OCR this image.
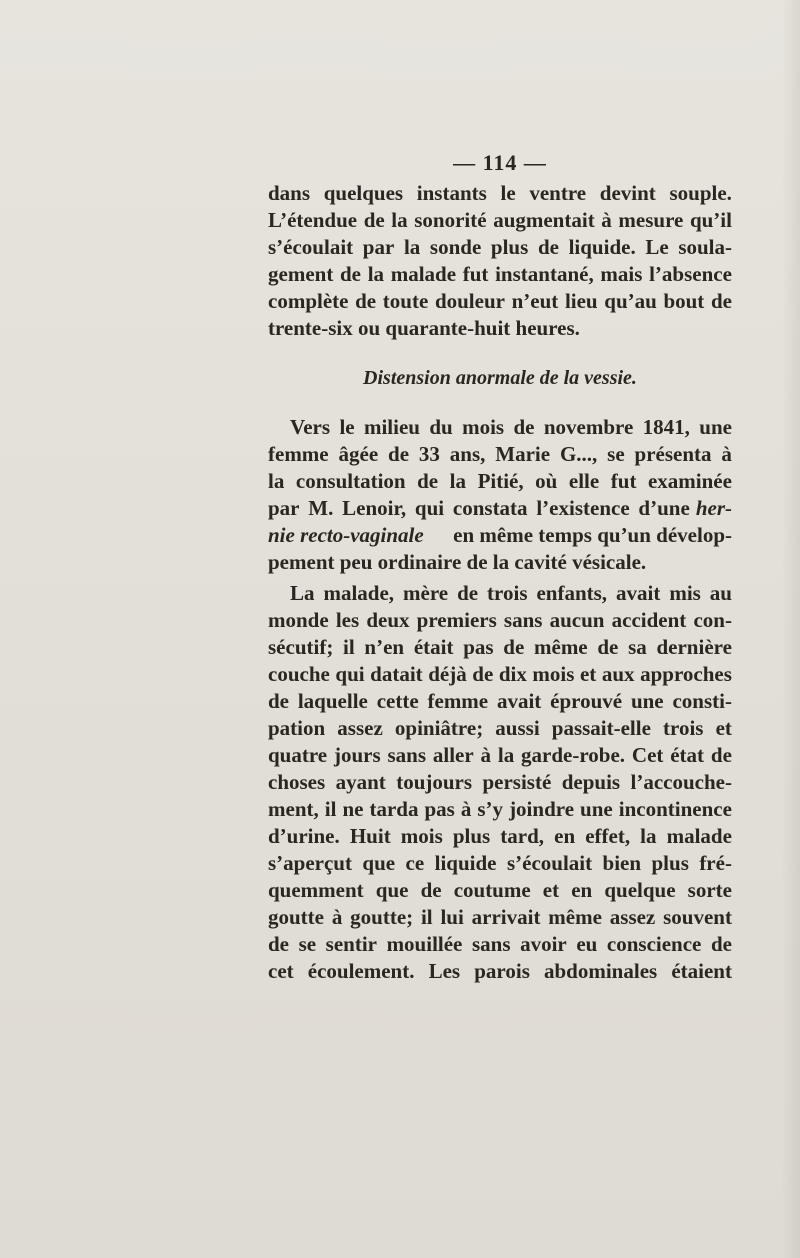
— 114 —
dans quelques instants le ventre devint souple.
L’étendue de la sonorité augmentait à mesure qu’il
s’écoulait par la sonde plus de liquide. Le soula-
gement de la malade fut instantané, mais l’absence
complète de toute douleur n’eut lieu qu’au bout de
trente-six ou quarante-huit heures.
Distension anormale de la vessie.
Vers le milieu du mois de novembre 1841, une
femme âgée de 33 ans, Marie G..., se présenta à
la consultation de la Pitié, où elle fut examinée
par M. Lenoir, qui constata l’existence d’une her-
nie recto-vaginale en même temps qu’un dévelop-
pement peu ordinaire de la cavité vésicale.
La malade, mère de trois enfants, avait mis au
monde les deux premiers sans aucun accident con-
sécutif; il n’en était pas de même de sa dernière
couche qui datait déjà de dix mois et aux approches
de laquelle cette femme avait éprouvé une consti-
pation assez opiniâtre; aussi passait-elle trois et
quatre jours sans aller à la garde-robe. Cet état de
choses ayant toujours persisté depuis l’accouche-
ment, il ne tarda pas à s’y joindre une incontinence
d’urine. Huit mois plus tard, en effet, la malade
s’aperçut que ce liquide s’écoulait bien plus fré-
quemment que de coutume et en quelque sorte
goutte à goutte; il lui arrivait même assez souvent
de se sentir mouillée sans avoir eu conscience de
cet écoulement. Les parois abdominales étaient
